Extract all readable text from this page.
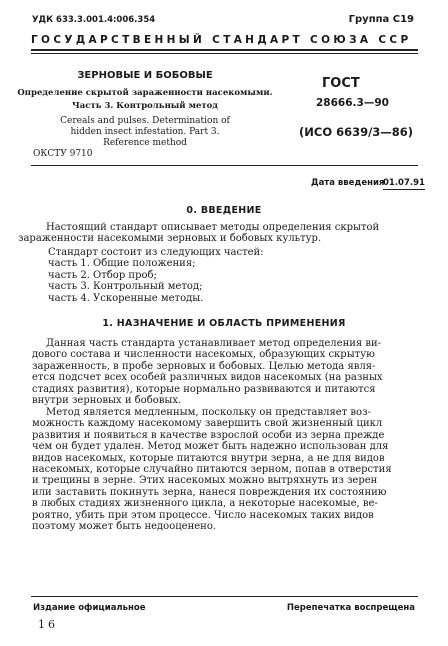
УДК 633.3.001.4:006.354	Группа С19
ГОСУДАРСТВЕННЫЙ СТАНДАРТ СОЮЗА ССР
ЗЕРНОВЫЕ И БОБОВЫЕ
Определение скрытой зараженности насекомыми.
Часть 3. Контрольный метод
Cereals and pulses. Determination of
hidden insect infestation. Part 3.
Reference method
ГОСТ
28666.3—90
(ИСО 6639/3—86)
ОКСТУ 9710
Дата введения
01.07.91
0. ВВЕДЕНИЕ
Настоящий стандарт описывает методы определения скрытой
зараженности насекомыми зерновых и бобовых культур.
Стандарт состоит из следующих частей:
часть 1. Общие положения;
часть 2. Отбор проб;
часть 3. Контрольный метод;
часть 4. Ускоренные методы.
1. НАЗНАЧЕНИЕ И ОБЛАСТЬ ПРИМЕНЕНИЯ
Данная часть стандарта устанавливает метод определения ви-
дового состава и численности насекомых, образующих скрытую
зараженность, в пробе зерновых и бобовых. Целью метода явля-
ется подсчет всех особей различных видов насекомых (на разных
стадиях развития), которые нормально развиваются и питаются
внутри зерновых и бобовых.
Метод является медленным, поскольку он представляет воз-
можность каждому насекомому завершить свой жизненный цикл
развития и появиться в качестве взрослой особи из зерна прежде
чем он будет удален. Метод может быть надежно использован для
видов насекомых, которые питаются внутри зерна, а не для видов
насекомых, которые случайно питаются зерном, попав в отверстия
и трещины в зерне. Этих насекомых можно вытряхнуть из зерен
или заставить покинуть зерна, нанеся повреждения их состоянию
в любых стадиях жизненного цикла, а некоторые насекомые, ве-
роятно, убить при этом процессе. Число насекомых таких видов
поэтому может быть недооценено.
Издание официальное	Перепечатка воспрещена
16
